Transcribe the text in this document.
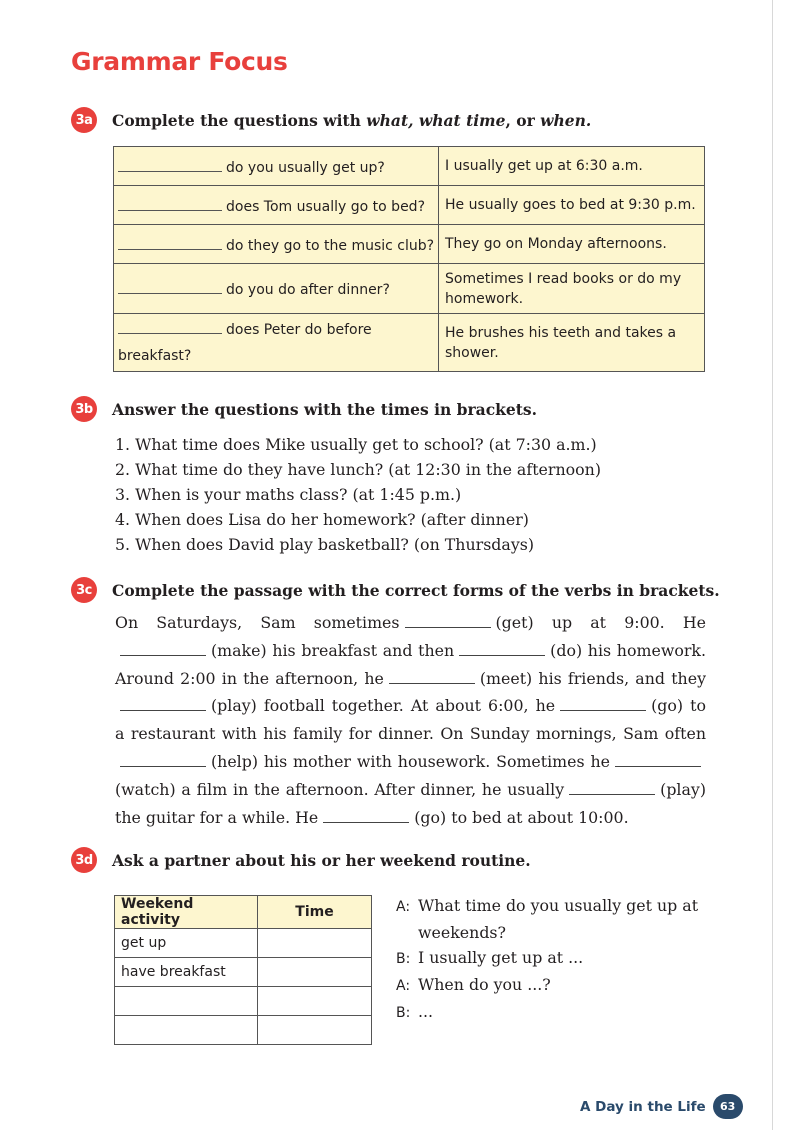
Grammar Focus
3a Complete the questions with what, what time, or when.
do you usually get up?	I usually get up at 6:30 a.m.
does Tom usually go to bed?	He usually goes to bed at 9:30 p.m.
do they go to the music club?	They go on Monday afternoons.
do you do after dinner?	Sometimes I read books or do my homework.

does Peter do before
breakfast?	He brushes his teeth and takes a shower.
3b Answer the questions with the times in brackets.
1. What time does Mike usually get to school? (at 7:30 a.m.)
2. What time do they have lunch? (at 12:30 in the afternoon)
3. When is your maths class? (at 1:45 p.m.)
4. When does Lisa do her homework? (after dinner)
5. When does David play basketball? (on Thursdays)
3c	Complete the passage with the correct forms of the verbs in brackets.

On Saturdays, Sam sometimes	(get) up at 9:00. He(make) his breakfast and then	(do) his homework. Around 2:00 in the afternoon, he	(meet) his friends, and they(play) football together. At about 6:00, he	(go) to a restaurant with his family for dinner. On Sunday mornings, Sam often(help) his mother with housework. Sometimes he(watch) a film in the afternoon. After dinner, he usually	(play) the guitar for a while. He	(go) to bed at about 10:00.

3d Ask a partner about his or her weekend routine.
Weekend activity	Time
get up	
have breakfast	

A: What time do you usually get up at
weekends?
B: I usually get up at ...
A: When do you ...?
B: ...
A Day in the Life	63
